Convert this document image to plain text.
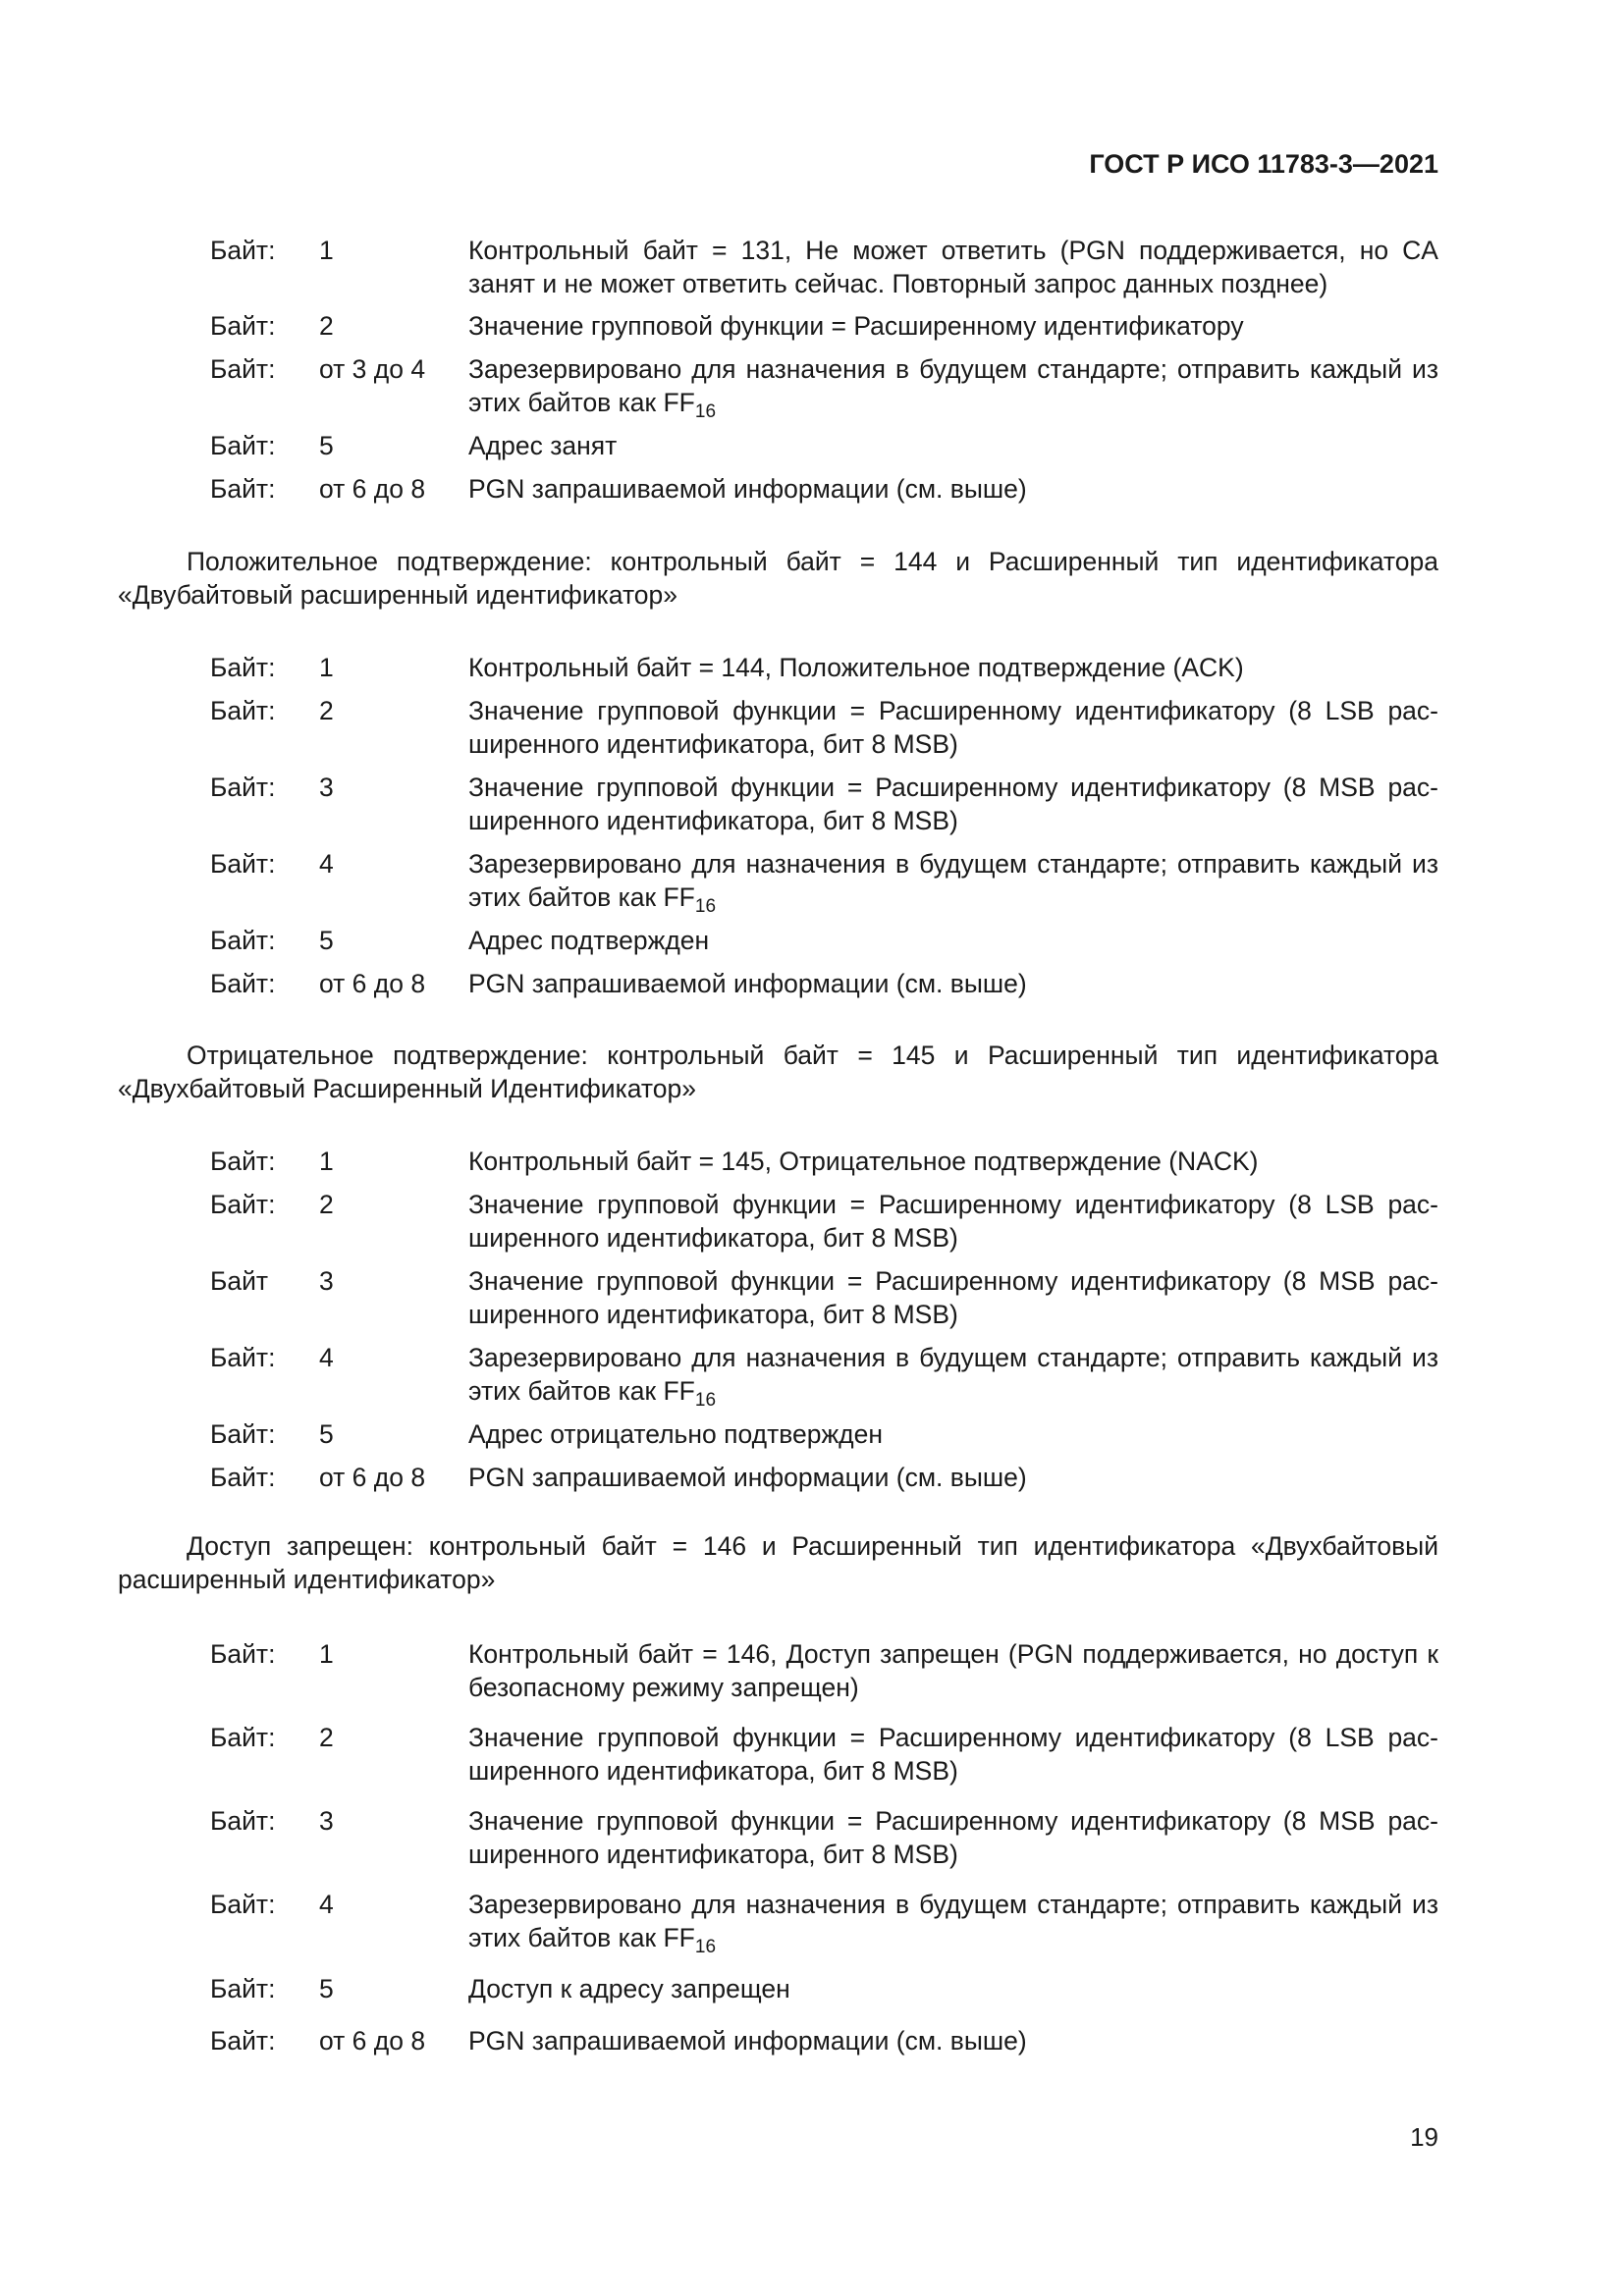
ГОСТ Р ИСО 11783-3—2021
Байт: 1	Контрольный байт = 131, Не может ответить (PGN поддерживается, но CA занят и не может ответить сейчас. Повторный запрос данных позднее)
Байт: 2	Значение групповой функции = Расширенному идентификатору
Байт: от 3 до 4 Зарезервировано для назначения в будущем стандарте; отправить каждый из этих байтов как $FF_{16}$
Байт: 5	Адрес занят
Байт: от 6 до 8 PGN запрашиваемой информации (см. выше)
Положительное подтверждение: контрольный байт = 144 и Расширенный тип идентификатора «Двубайтовый расширенный идентификатор»
Байт: 1	Контрольный байт = 144, Положительное подтверждение (ACK)
Байт: 2	Значение групповой функции = Расширенному идентификатору (8 LSB расширенного идентификатора, бит 8 MSB)
Байт: 3	Значение групповой функции = Расширенному идентификатору (8 MSB расширенного идентификатора, бит 8 MSB)
Байт: 4	Зарезервировано для назначения в будущем стандарте; отправить каждый из этих байтов как $FF_{16}$
Байт: 5	Адрес подтвержден
Байт: от 6 до 8 PGN запрашиваемой информации (см. выше)
Отрицательное подтверждение: контрольный байт = 145 и Расширенный тип идентификатора «Двухбайтовый Расширенный Идентификатор»
Байт: 1	Контрольный байт = 145, Отрицательное подтверждение (NACK)
Байт: 2	Значение групповой функции = Расширенному идентификатору (8 LSB расширенного идентификатора, бит 8 MSB)
Байт 3	Значение групповой функции = Расширенному идентификатору (8 MSB расширенного идентификатора, бит 8 MSB)
Байт: 4	Зарезервировано для назначения в будущем стандарте; отправить каждый из этих байтов как $FF_{16}$
Байт: 5	Адрес отрицательно подтвержден
Байт: от 6 до 8 PGN запрашиваемой информации (см. выше)
Доступ запрещен: контрольный байт = 146 и Расширенный тип идентификатора «Двухбайтовый расширенный идентификатор»
Байт: 1	Контрольный байт = 146, Доступ запрещен (PGN поддерживается, но доступ к безопасному режиму запрещен)
Байт: 2	Значение групповой функции = Расширенному идентификатору (8 LSB расширенного идентификатора, бит 8 MSB)
Байт: 3	Значение групповой функции = Расширенному идентификатору (8 MSB расширенного идентификатора, бит 8 MSB)
Байт: 4	Зарезервировано для назначения в будущем стандарте; отправить каждый из этих байтов как $FF_{16}$
Байт: 5	Доступ к адресу запрещен
Байт: от 6 до 8 PGN запрашиваемой информации (см. выше)
19
